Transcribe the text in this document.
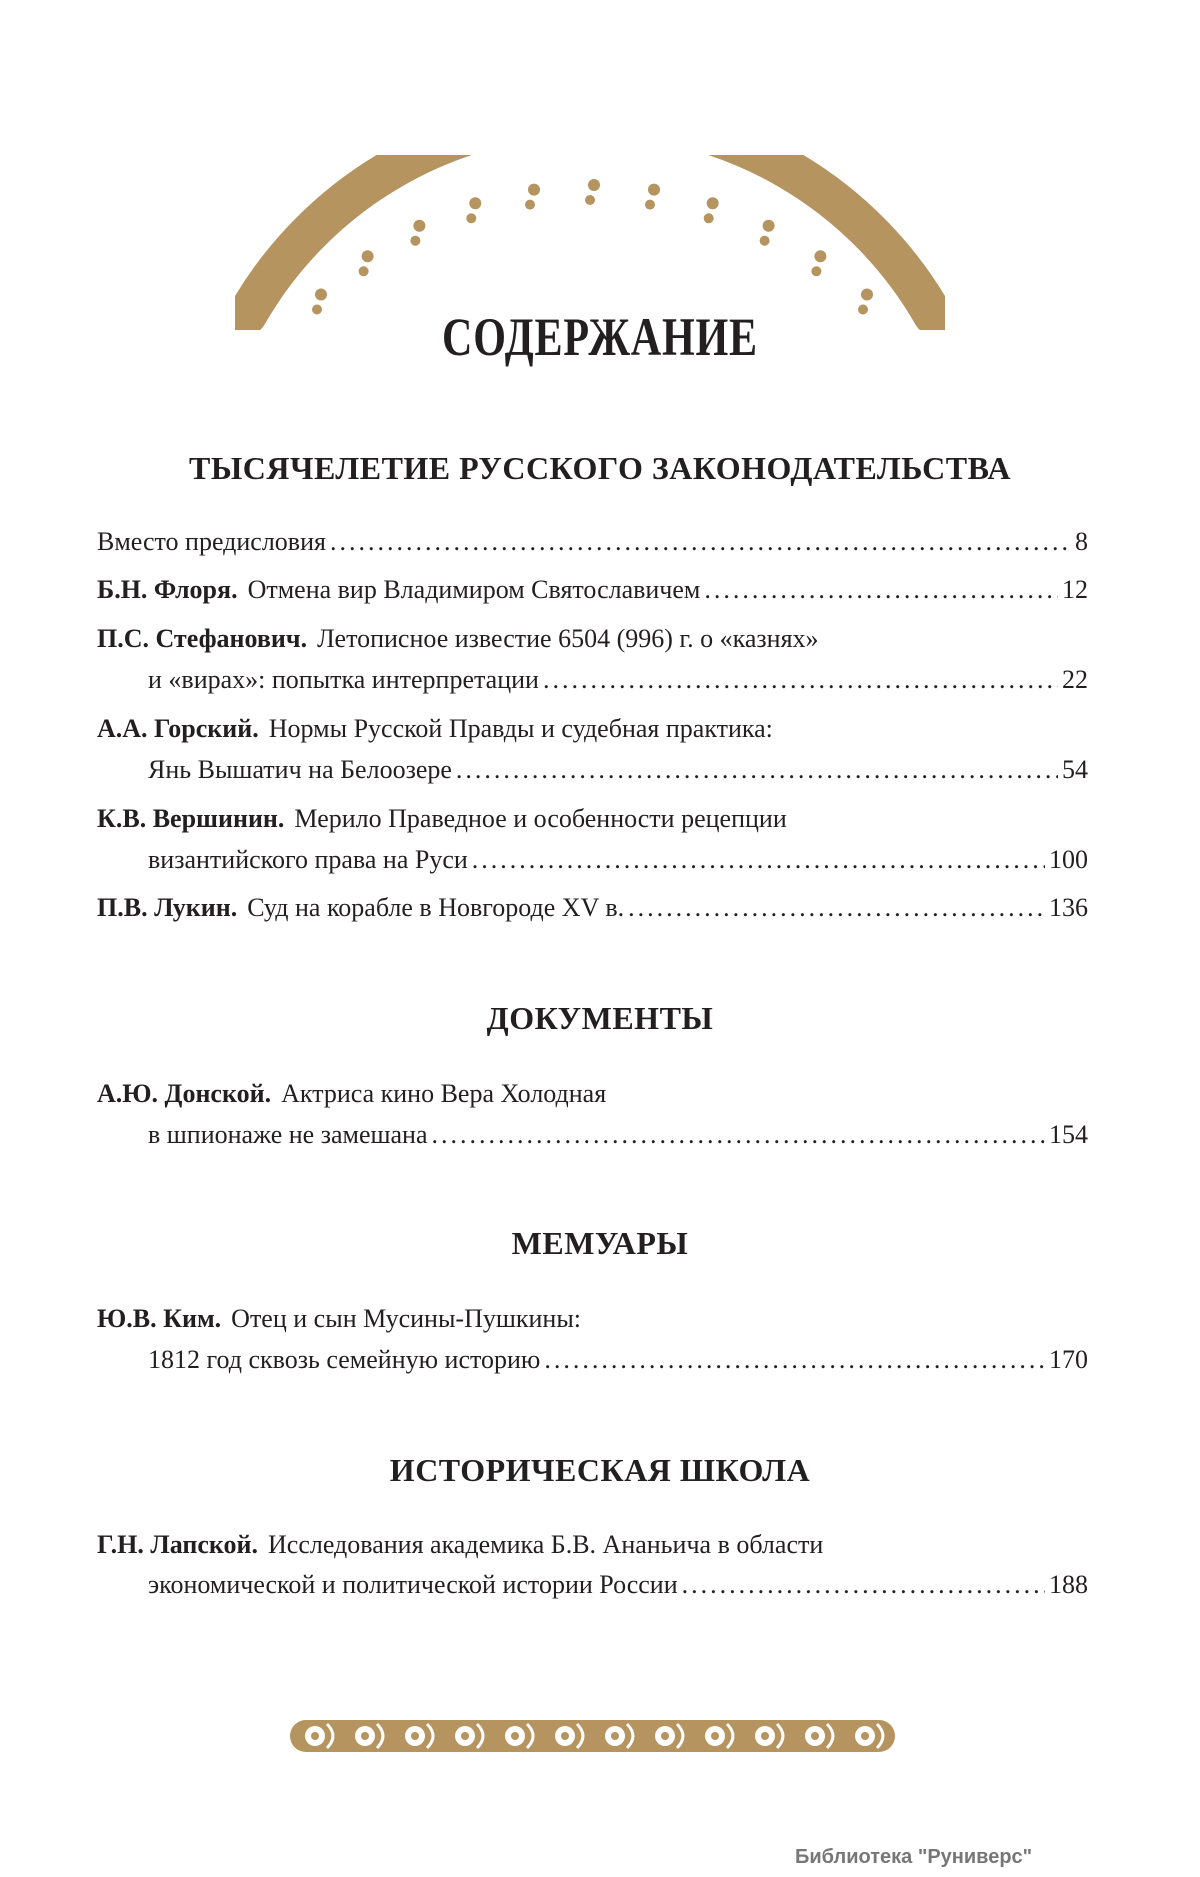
СОДЕРЖАНИЕ
ТЫСЯЧЕЛЕТИЕ РУССКОГО ЗАКОНОДАТЕЛЬСТВА
Вместо предисловия .....	8
Б.Н. Флоря. Отмена вир Владимиром Святославичем .....	12
П.С. Стефанович. Летописное известие 6504 (996) г. о «казнях»
и «вирах»: попытка интерпретации .....	22
А.А. Горский. Нормы Русской Правды и судебная практика:
Янь Вышатич на Белоозере .....	54
К.В. Вершинин. Мерило Праведное и особенности рецепции
византийского права на Руси .....	100
П.В. Лукин. Суд на корабле в Новгороде XV в. .....	136
ДОКУМЕНТЫ
А.Ю. Донской. Актриса кино Вера Холодная
в шпионаже не замешана .....	154
МЕМУАРЫ
Ю.В. Ким. Отец и сын Мусины-Пушкины:
1812 год сквозь семейную историю .....	170
ИСТОРИЧЕСКАЯ ШКОЛА
Г.Н. Лапской. Исследования академика Б.В. Ананьича в области
экономической и политической истории России .....	188
Библиотека "Руниверс"
